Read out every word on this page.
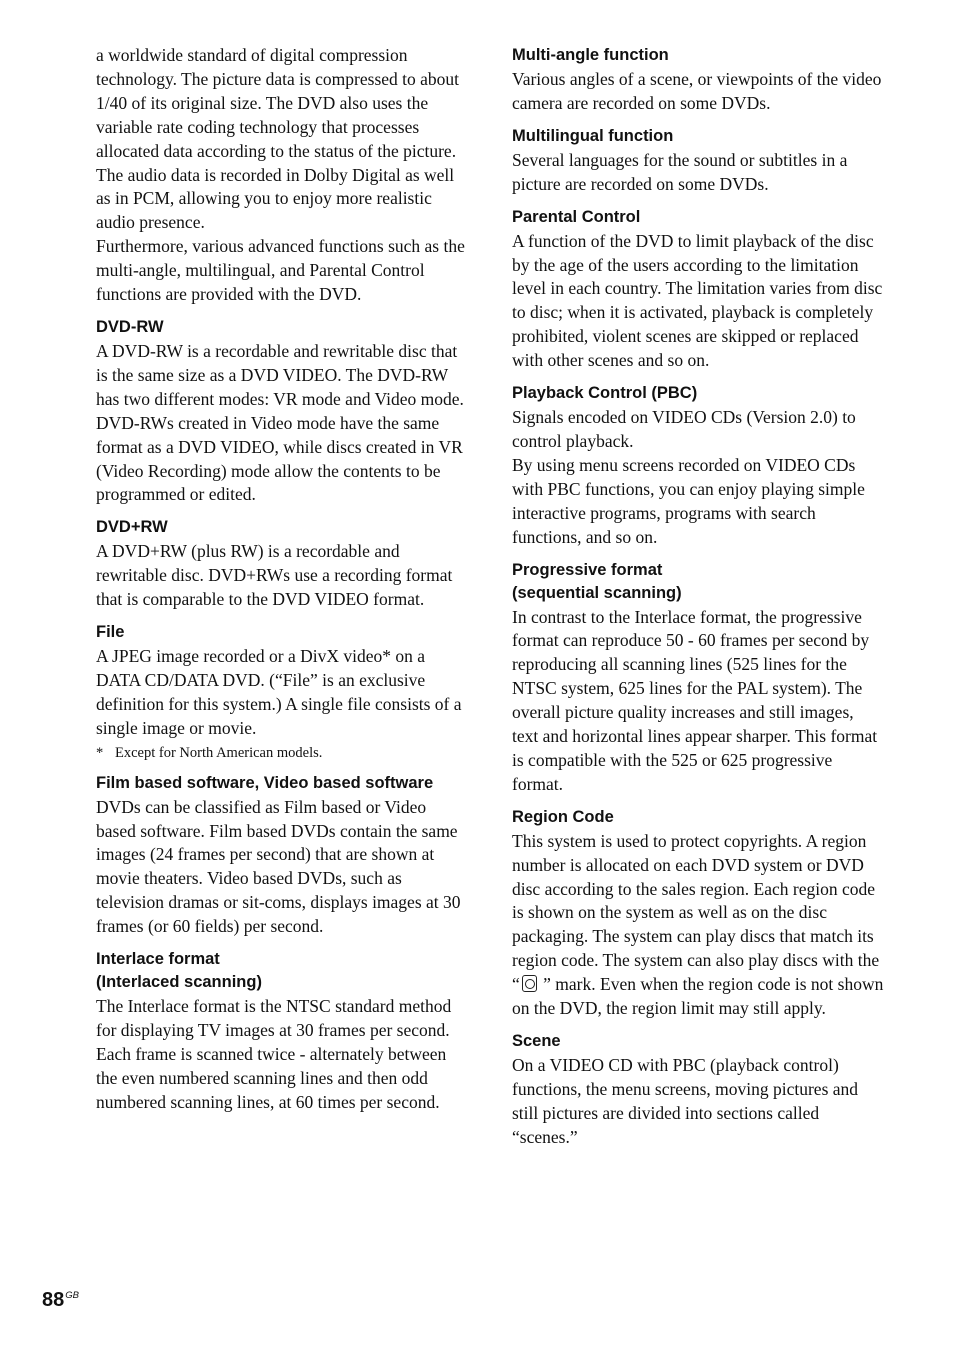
a worldwide standard of digital compression technology. The picture data is compressed to about 1/40 of its original size. The DVD also uses the variable rate coding technology that processes allocated data according to the status of the picture.

The audio data is recorded in Dolby Digital as well as in PCM, allowing you to enjoy more realistic audio presence.

Furthermore, various advanced functions such as the multi-angle, multilingual, and Parental Control functions are provided with the DVD.

DVD-RW

A DVD-RW is a recordable and rewritable disc that is the same size as a DVD VIDEO. The DVD-RW has two different modes: VR mode and Video mode. DVD-RWs created in Video mode have the same format as a DVD VIDEO, while discs created in VR (Video Recording) mode allow the contents to be programmed or edited.

DVD+RW

A DVD+RW (plus RW) is a recordable and rewritable disc. DVD+RWs use a recording format that is comparable to the DVD VIDEO format.

File

A JPEG image recorded or a DivX video* on a DATA CD/DATA DVD. (“File” is an exclusive definition for this system.) A single file consists of a single image or movie.

* Except for North American models.

Film based software, Video based software

DVDs can be classified as Film based or Video based software. Film based DVDs contain the same images (24 frames per second) that are shown at movie theaters. Video based DVDs, such as television dramas or sit-coms, displays images at 30 frames (or 60 fields) per second.

Interlace format
(Interlaced scanning)

The Interlace format is the NTSC standard method for displaying TV images at 30 frames per second. Each frame is scanned twice - alternately between the even numbered scanning lines and then odd numbered scanning lines, at 60 times per second.

Multi-angle function

Various angles of a scene, or viewpoints of the video camera are recorded on some DVDs.

Multilingual function

Several languages for the sound or subtitles in a picture are recorded on some DVDs.

Parental Control

A function of the DVD to limit playback of the disc by the age of the users according to the limitation level in each country. The limitation varies from disc to disc; when it is activated, playback is completely prohibited, violent scenes are skipped or replaced with other scenes and so on.

Playback Control (PBC)

Signals encoded on VIDEO CDs (Version 2.0) to control playback.

By using menu screens recorded on VIDEO CDs with PBC functions, you can enjoy playing simple interactive programs, programs with search functions, and so on.

Progressive format
(sequential scanning)

In contrast to the Interlace format, the progressive format can reproduce 50 - 60 frames per second by reproducing all scanning lines (525 lines for the NTSC system, 625 lines for the PAL system). The overall picture quality increases and still images, text and horizontal lines appear sharper. This format is compatible with the 525 or 625 progressive format.

Region Code

This system is used to protect copyrights. A region number is allocated on each DVD system or DVD disc according to the sales region. Each region code is shown on the system as well as on the disc packaging. The system can play discs that match its region code. The system can also play discs with the “ ” mark. Even when the region code is not shown on the DVD, the region limit may still apply.

Scene

On a VIDEO CD with PBC (playback control) functions, the menu screens, moving pictures and still pictures are divided into sections called “scenes.”

$88^{GB}$
